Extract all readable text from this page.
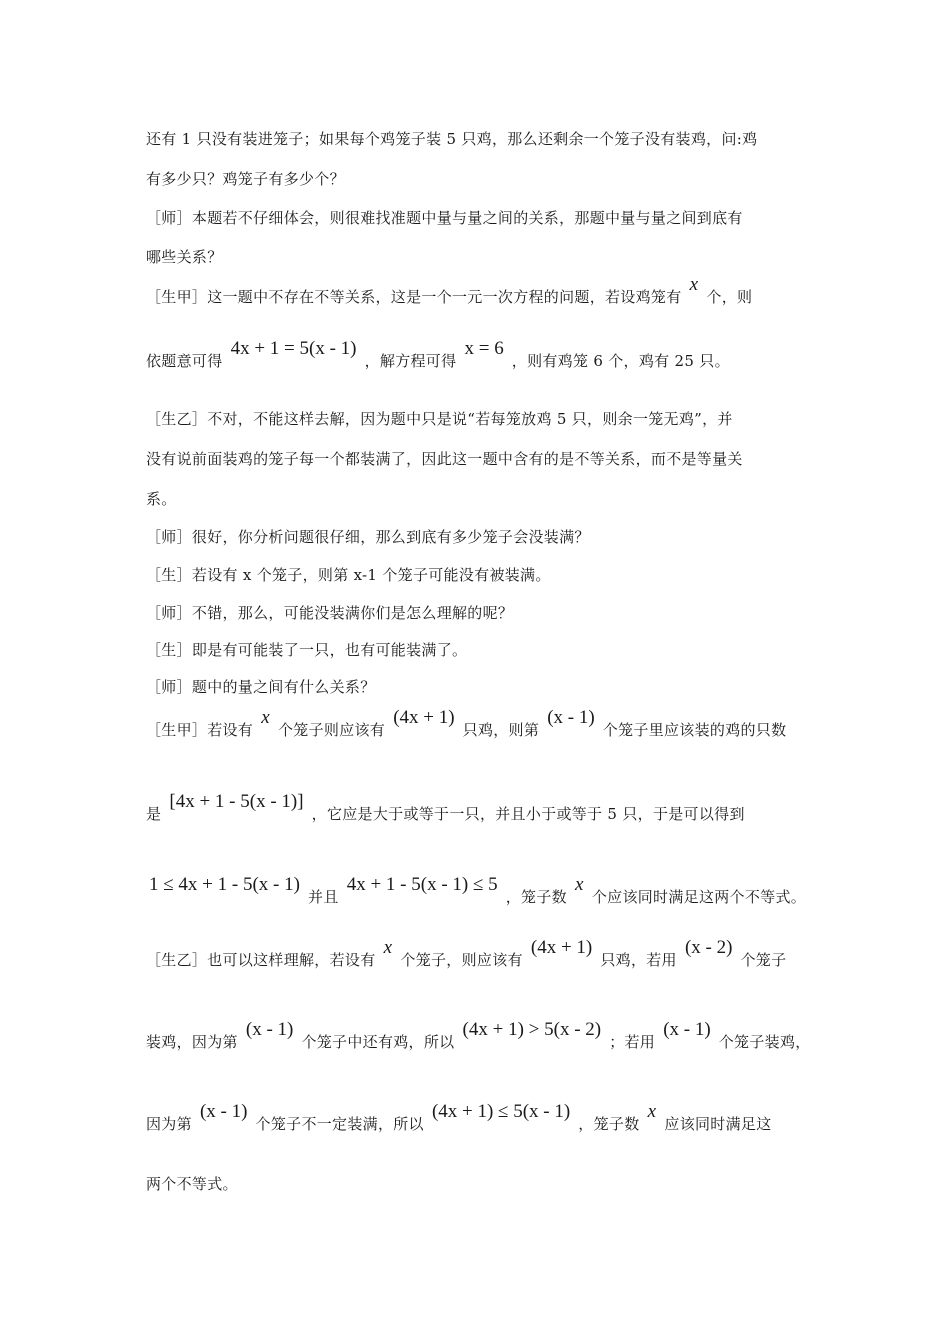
还有 1 只没有装进笼子；如果每个鸡笼子装 5 只鸡，那么还剩余一个笼子没有装鸡，问:鸡
有多少只？鸡笼子有多少个？
［师］本题若不仔细体会，则很难找准题中量与量之间的关系，那题中量与量之间到底有
哪些关系？
［生甲］这一题中不存在不等关系，这是一个一元一次方程的问题，若设鸡笼有 x 个，则
依题意可得 4x + 1 = 5(x - 1) ，解方程可得 x = 6 ，则有鸡笼 6 个，鸡有 25 只。
［生乙］不对，不能这样去解，因为题中只是说“若每笼放鸡 5 只，则余一笼无鸡”，并
没有说前面装鸡的笼子每一个都装满了，因此这一题中含有的是不等关系，而不是等量关
系。
［师］很好，你分析问题很仔细，那么到底有多少笼子会没装满？
［生］若设有 x 个笼子，则第 x-1 个笼子可能没有被装满。
［师］不错，那么，可能没装满你们是怎么理解的呢？
［生］即是有可能装了一只，也有可能装满了。
［师］题中的量之间有什么关系？
［生甲］若设有 x 个笼子则应该有 (4x + 1) 只鸡，则第 (x - 1) 个笼子里应该装的鸡的只数
是 [4x + 1 - 5(x - 1)] ，它应是大于或等于一只，并且小于或等于 5 只，于是可以得到
1 ≤ 4x + 1 - 5(x - 1) 并且 4x + 1 - 5(x - 1) ≤ 5 ，笼子数 x 个应该同时满足这两个不等式。
［生乙］也可以这样理解，若设有 x 个笼子，则应该有 (4x + 1) 只鸡，若用 (x - 2) 个笼子
装鸡，因为第 (x - 1) 个笼子中还有鸡，所以 (4x + 1) > 5(x - 2) ；若用 (x - 1) 个笼子装鸡，
因为第 (x - 1) 个笼子不一定装满，所以 (4x + 1) ≤ 5(x - 1) ，笼子数 x 应该同时满足这
两个不等式。
